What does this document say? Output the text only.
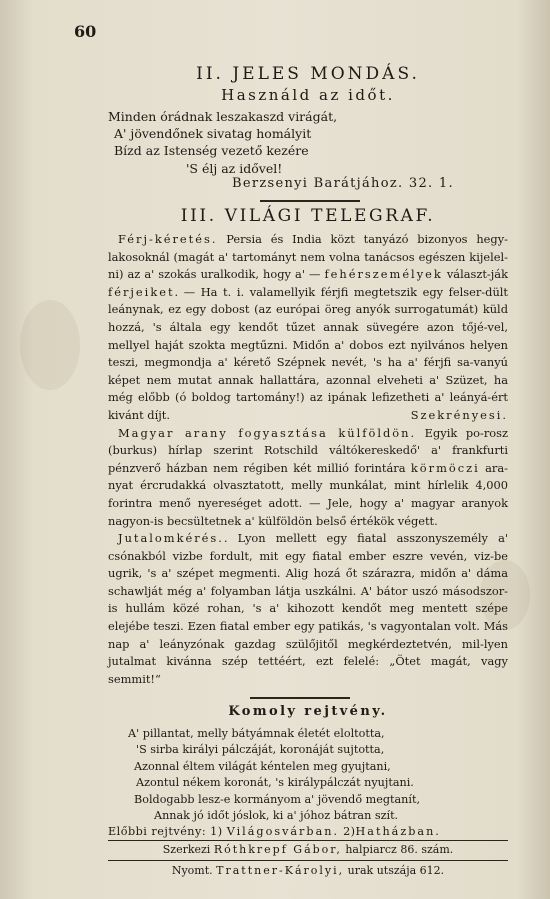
60
II. JELES MONDÁS.
Használd az időt.
Minden órádnak leszakaszd virágát,
A' jövendőnek sivatag homályit
Bízd az Istenség vezető kezére
'S élj az idővel!
Berzsenyi Barátjához. 32. 1.
III. VILÁGI TELEGRAF.

Férj-kéretés. Persia és India közt tanyázó bizonyos hegy-lakosoknál (magát a' tartományt nem volna tanácsos egészen kijelel-ni) az a' szokás uralkodik, hogy a' — fehérszemélyek választ-ják férjeiket. — Ha t. i. valamellyik férjfi megtetszik egy felser-dült leánynak, ez egy dobost (az európai öreg anyók surrogatumát) küld hozzá, 's általa egy kendőt tűzet annak süvegére azon tőjé-vel, mellyel haját szokta megtűzni. Midőn a' dobos ezt nyilvános helyen teszi, megmondja a' kérető Szépnek nevét, 's ha a' férjfi sa-vanyú képet nem mutat annak hallattára, azonnal elveheti a' Szüzet, ha még előbb (ó boldog tartomány!) az ipának lefizetheti a' leányá-ért kivánt díjt.	Szekrényesi.

Magyar arany fogyasztása külföldön. Egyik po-rosz (burkus) hírlap szerint Rotschild váltókereskedő' a' frankfurti pénzverő házban nem régiben két millió forintára körmöczi ara-nyat ércrudakká olvasztatott, melly munkálat, mint hírlelik 4,000 forintra menő nyereséget adott. — Jele, hogy a' magyar aranyok nagyon-is becsültetnek a' külföldön belső értékök végett.

Jutalomkérés.. Lyon mellett egy fiatal asszonyszemély a' csónakból vizbe fordult, mit egy fiatal ember eszre vevén, viz-be ugrik, 's a' szépet megmenti. Alig hozá őt szárazra, midőn a' dáma schawlját még a' folyamban látja uszkálni. A' bátor uszó másodszor-is hullám közé rohan, 's a' kihozott kendőt meg mentett szépe elejébe teszi. Ezen fiatal ember egy patikás, 's vagyontalan volt. Más nap a' leányzónak gazdag szülőjitől megkérdeztetvén, mil-lyen jutalmat kivánna szép tettéért, ezt felelé: „Ötet magát, vagy semmit!“

Komoly rejtvény.
A' pillantat, melly bátyámnak életét eloltotta,
'S sirba királyi pálczáját, koronáját sujtotta,
Azonnal éltem világát kéntelen meg gyujtani,
Azontul nékem koronát, 's királypálczát nyujtani.
Boldogabb lesz-e kormányom a' jövendő megtanít,
Annak jó időt jóslok, ki a' jóhoz bátran szít.
Előbbi rejtvény: 1) Világosvárban. 2)Hatházban.
Szerkezi Róthkrepf Gábor, halpiarcz 86. szám.
Nyomt. Trattner-Károlyi, urak utszája 612.
